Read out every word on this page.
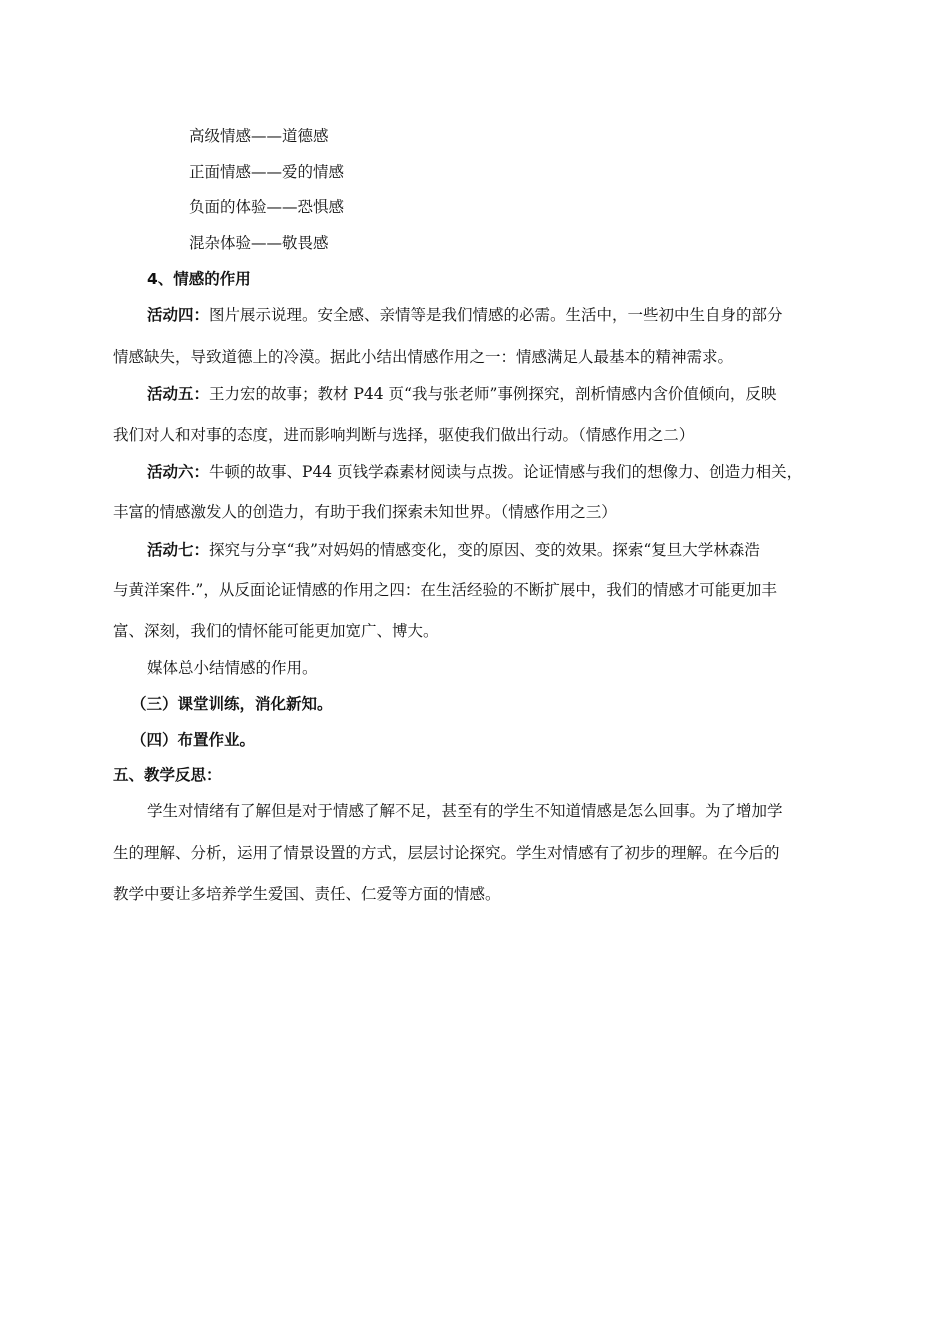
高级情感——道德感
正面情感——爱的情感
负面的体验——恐惧感
混杂体验——敬畏感
4、情感的作用
活动四：图片展示说理。安全感、亲情等是我们情感的必需。生活中，一些初中生自身的部分
情感缺失，导致道德上的冷漠。据此小结出情感作用之一：情感满足人最基本的精神需求。
活动五：王力宏的故事；教材 P44 页“我与张老师”事例探究，剖析情感内含价值倾向，反映
我们对人和对事的态度，进而影响判断与选择，驱使我们做出行动。（情感作用之二）
活动六：牛顿的故事、P44 页钱学森素材阅读与点拨。论证情感与我们的想像力、创造力相关，
丰富的情感激发人的创造力，有助于我们探索未知世界。（情感作用之三）
活动七：探究与分享“我”对妈妈的情感变化，变的原因、变的效果。探索“复旦大学林森浩
与黄洋案件.”，从反面论证情感的作用之四：在生活经验的不断扩展中，我们的情感才可能更加丰
富、深刻，我们的情怀能可能更加宽广、博大。
媒体总小结情感的作用。
（三）课堂训练，消化新知。
（四）布置作业。
五、教学反思：
学生对情绪有了解但是对于情感了解不足，甚至有的学生不知道情感是怎么回事。为了增加学
生的理解、分析，运用了情景设置的方式，层层讨论探究。学生对情感有了初步的理解。在今后的
教学中要让多培养学生爱国、责任、仁爱等方面的情感。
